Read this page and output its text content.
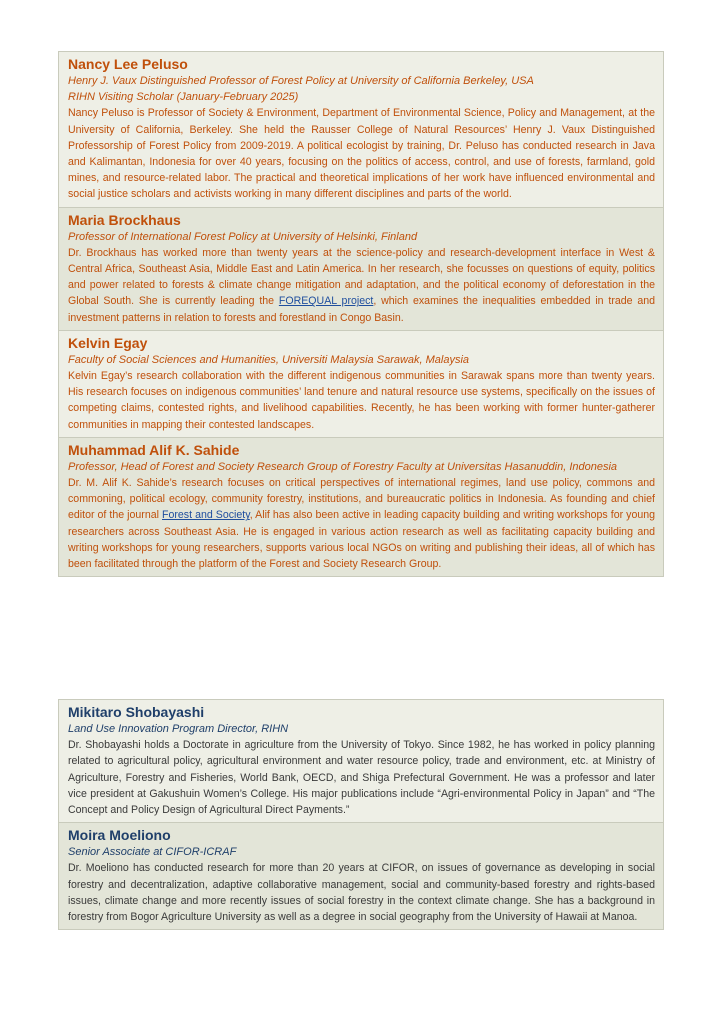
Nancy Lee Peluso

Henry J. Vaux Distinguished Professor of Forest Policy at University of California Berkeley, USA

RIHN Visiting Scholar (January-February 2025)

Nancy Peluso is Professor of Society & Environment, Department of Environmental Science, Policy and Management, at the University of California, Berkeley. She held the Rausser College of Natural Resources’ Henry J. Vaux Distinguished Professorship of Forest Policy from 2009-2019. A political ecologist by training, Dr. Peluso has conducted research in Java and Kalimantan, Indonesia for over 40 years, focusing on the politics of access, control, and use of forests, farmland, gold mines, and resource-related labor. The practical and theoretical implications of her work have influenced environmental and social justice scholars and activists working in many different disciplines and parts of the world.

Maria Brockhaus

Professor of International Forest Policy at University of Helsinki, Finland

Dr. Brockhaus has worked more than twenty years at the science-policy and research-development interface in West & Central Africa, Southeast Asia, Middle East and Latin America. In her research, she focusses on questions of equity, politics and power related to forests & climate change mitigation and adaptation, and the political economy of deforestation in the Global South. She is currently leading the FOREQUAL project, which examines the inequalities embedded in trade and investment patterns in relation to forests and forestland in Congo Basin.

Kelvin Egay

Faculty of Social Sciences and Humanities, Universiti Malaysia Sarawak, Malaysia

Kelvin Egay’s research collaboration with the different indigenous communities in Sarawak spans more than twenty years. His research focuses on indigenous communities’ land tenure and natural resource use systems, specifically on the issues of competing claims, contested rights, and livelihood capabilities. Recently, he has been working with former hunter-gatherer communities in mapping their contested landscapes.

Muhammad Alif K. Sahide

Professor, Head of Forest and Society Research Group of Forestry Faculty at Universitas Hasanuddin, Indonesia

Dr. M. Alif K. Sahide’s research focuses on critical perspectives of international regimes, land use policy, commons and commoning, political ecology, community forestry, institutions, and bureaucratic politics in Indonesia. As founding and chief editor of the journal Forest and Society, Alif has also been active in leading capacity building and writing workshops for young researchers across Southeast Asia. He is engaged in various action research as well as facilitating capacity building and writing workshops for young researchers, supports various local NGOs on writing and publishing their ideas, all of which has been facilitated through the platform of the Forest and Society Research Group.

Mikitaro Shobayashi

Land Use Innovation Program Director, RIHN

Dr. Shobayashi holds a Doctorate in agriculture from the University of Tokyo. Since 1982, he has worked in policy planning related to agricultural policy, agricultural environment and water resource policy, trade and environment, etc. at Ministry of Agriculture, Forestry and Fisheries, World Bank, OECD, and Shiga Prefectural Government. He was a professor and later vice president at Gakushuin Women’s College. His major publications include “Agri-environmental Policy in Japan” and “The Concept and Policy Design of Agricultural Direct Payments.”

Moira Moeliono

Senior Associate at CIFOR-ICRAF

Dr. Moeliono has conducted research for more than 20 years at CIFOR, on issues of governance as developing in social forestry and decentralization, adaptive collaborative management, social and community-based forestry and rights-based issues, climate change and more recently issues of social forestry in the context climate change. She has a background in forestry from Bogor Agriculture University as well as a degree in social geography from the University of Hawaii at Manoa.
